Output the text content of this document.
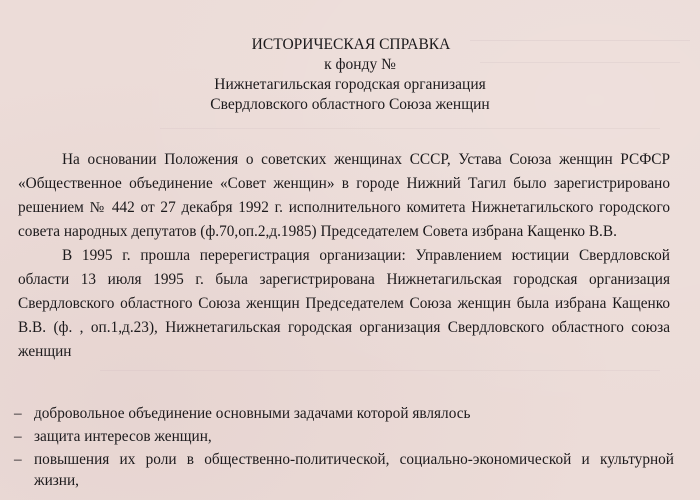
ИСТОРИЧЕСКАЯ СПРАВКА
к фонду №
Нижнетагильская городская организация
Свердловского областного Союза женщин

На основании Положения о советских женщинах СССР, Устава Союза женщин РСФСР «Общественное объединение «Совет женщин» в городе Нижний Тагил было зарегистрировано решением № 442 от 27 декабря 1992 г. исполнительного комитета Нижнетагильского городского совета народных депутатов (ф.70,оп.2,д.1985) Председателем Совета избрана Кащенко В.В.

В 1995 г. прошла перерегистрация организации: Управлением юстиции Свердловской области 13 июля 1995 г. была зарегистрирована Нижнетагильская городская организация Свердловского областного Союза женщин Председателем Союза женщин была избрана Кащенко В.В. (ф. , оп.1,д.23), Нижнетагильская городская организация Свердловского областного союза женщин

– добровольное объединение основными задачами которой являлось
– защита интересов женщин,
– повышения их роли в общественно-политической, социально-экономической и культурной жизни,
